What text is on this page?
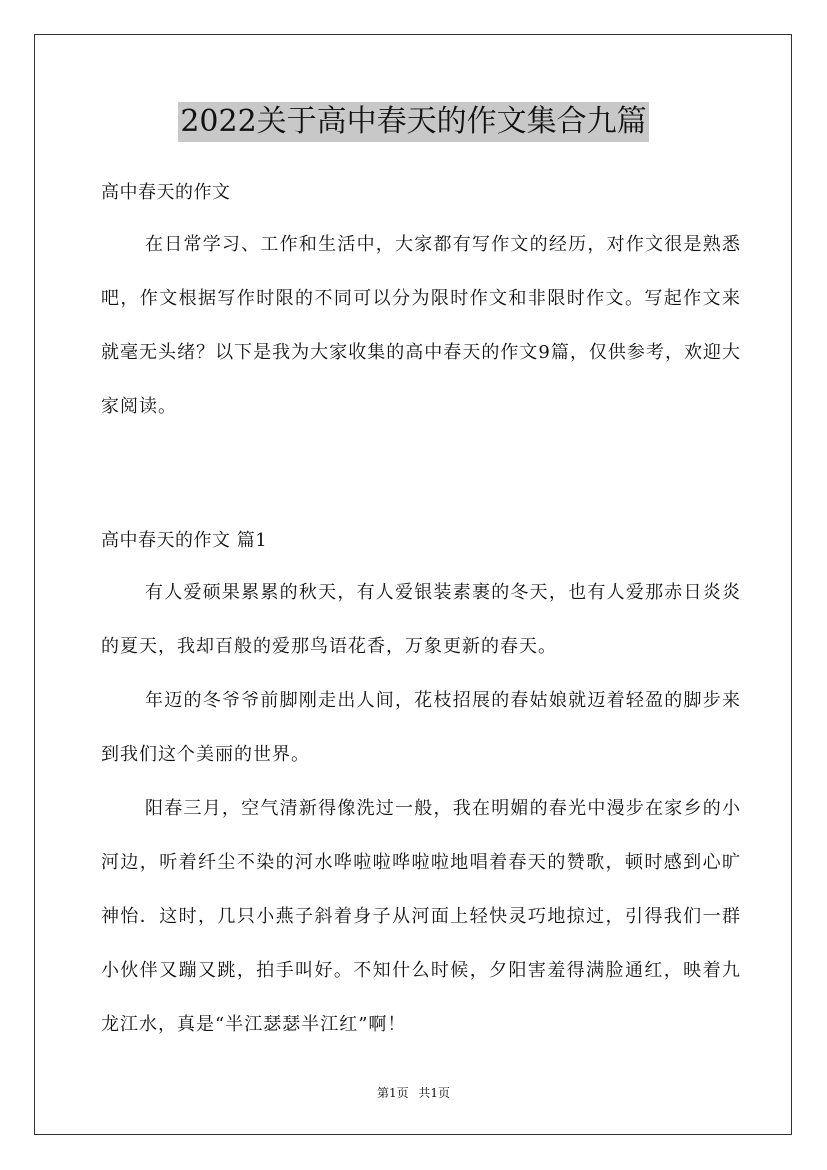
2022关于高中春天的作文集合九篇

高中春天的作文

在日常学习、工作和生活中，大家都有写作文的经历，对作文很是熟悉吧，作文根据写作时限的不同可以分为限时作文和非限时作文。写起作文来就毫无头绪？以下是我为大家收集的高中春天的作文9篇，仅供参考，欢迎大家阅读。

高中春天的作文 篇1

有人爱硕果累累的秋天，有人爱银装素裹的冬天，也有人爱那赤日炎炎的夏天，我却百般的爱那鸟语花香，万象更新的春天。

年迈的冬爷爷前脚刚走出人间，花枝招展的春姑娘就迈着轻盈的脚步来到我们这个美丽的世界。

阳春三月，空气清新得像洗过一般，我在明媚的春光中漫步在家乡的小河边，听着纤尘不染的河水哗啦啦哗啦啦地唱着春天的赞歌，顿时感到心旷神怡．这时，几只小燕子斜着身子从河面上轻快灵巧地掠过，引得我们一群小伙伴又蹦又跳，拍手叫好。不知什么时候，夕阳害羞得满脸通红，映着九龙江水，真是“半江瑟瑟半江红”啊！

第1页 共1页
